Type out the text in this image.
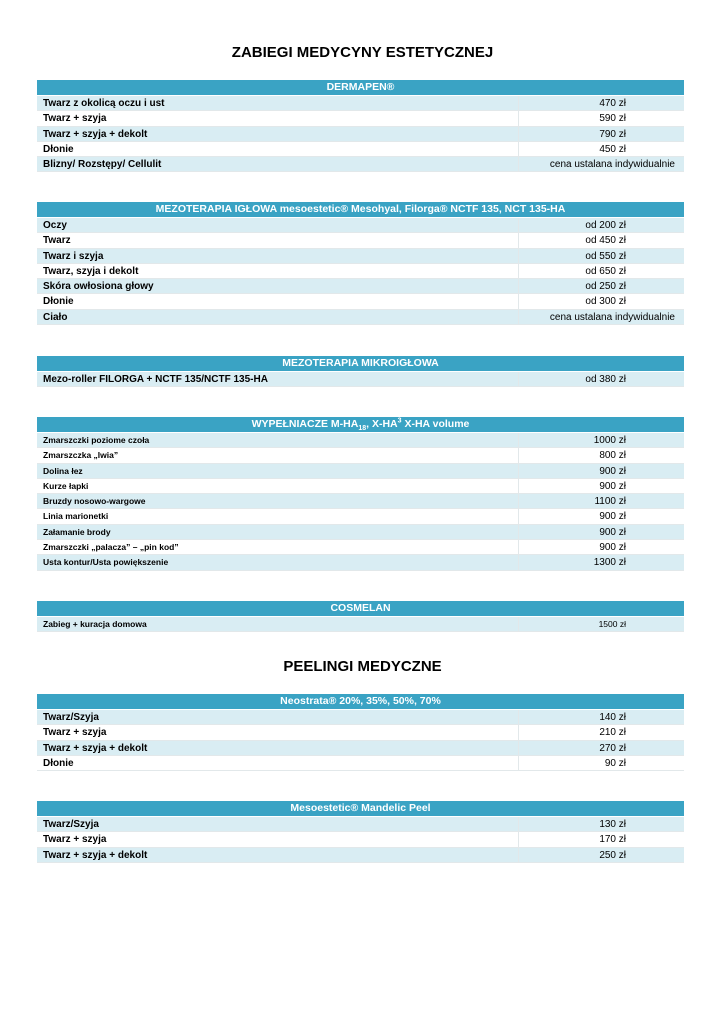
ZABIEGI MEDYCYNY ESTETYCZNEJ
DERMAPEN®
Twarz z okolicą oczu i ust	470 zł
Twarz + szyja	590 zł
Twarz + szyja + dekolt	790 zł
Dłonie	450 zł
Blizny/ Rozstępy/ Cellulit	cena ustalana indywidualnie
MEZOTERAPIA IGŁOWA mesoestetic® Mesohyal, Filorga® NCTF 135, NCT 135-HA
Oczy	od 200 zł
Twarz	od 450 zł
Twarz i szyja	od 550 zł
Twarz, szyja i dekolt	od 650 zł
Skóra owłosiona głowy	od 250 zł
Dłonie	od 300 zł
Ciało	cena ustalana indywidualnie
MEZOTERAPIA MIKROIGŁOWA
Mezo-roller FILORGA + NCTF 135/NCTF 135-HA	od 380 zł
WYPEŁNIACZE $M-HA_{18}$, $X-HA^3$ X-HA volume
Zmarszczki poziome czoła	1000 zł
Zmarszczka „lwia”	800 zł
Dolina łez	900 zł
Kurze łapki	900 zł
Bruzdy nosowo-wargowe	1100 zł
Linia marionetki	900 zł
Załamanie brody	900 zł
Zmarszczki „palacza” – „pin kod”	900 zł
Usta kontur/Usta powiększenie	1300 zł
COSMELAN
Zabieg + kuracja domowa	1500 zł
PEELINGI MEDYCZNE
Neostrata® 20%, 35%, 50%, 70%
Twarz/Szyja	140 zł
Twarz + szyja	210 zł
Twarz + szyja + dekolt	270 zł
Dłonie	90 zł
Mesoestetic® Mandelic Peel
Twarz/Szyja	130 zł
Twarz + szyja	170 zł
Twarz + szyja + dekolt	250 zł
